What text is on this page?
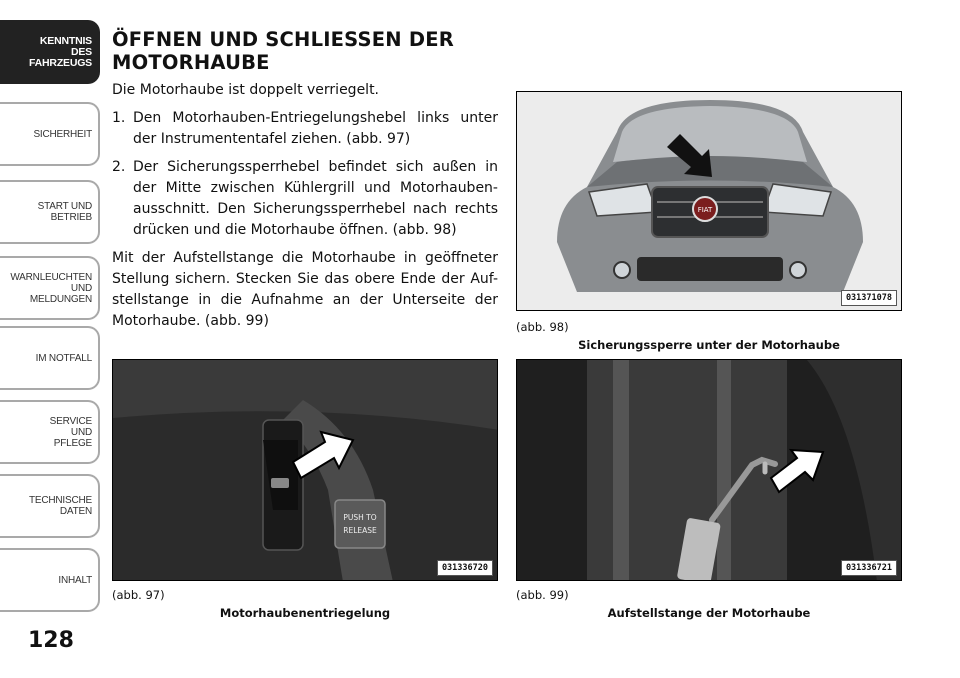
KENNTNIS
DES
FAHRZEUGS
SICHERHEIT
START UND
BETRIEB
WARNLEUCHTEN
UND
MELDUNGEN
IM NOTFALL
SERVICE
UND
PFLEGE
TECHNISCHE
DATEN
INHALT
128
ÖFFNEN UND SCHLIESSEN DER MOTORHAUBE

Die Motorhaube ist doppelt verriegelt.

1. Den Motorhauben-Entriegelungshebel links unter der Instrumententafel ziehen. (abb. 97)
2. Der Sicherungssperrhebel befindet sich außen in der Mitte zwischen Kühlergrill und Motorhauben-ausschnitt. Den Sicherungssperrhebel nach rechts drücken und die Motorhaube öffnen. (abb. 98)

Mit der Aufstellstange die Motorhaube in geöffneter Stellung sichern. Stecken Sie das obere Ende der Auf-stellstange in die Aufnahme an der Unterseite der Motorhaube. (abb. 99)

FIAT
031371078
(abb. 98)
Sicherungssperre unter der Motorhaube
PUSH TO
RELEASE
031336720
(abb. 97)
Motorhaubenentriegelung
031336721
(abb. 99)
Aufstellstange der Motorhaube
